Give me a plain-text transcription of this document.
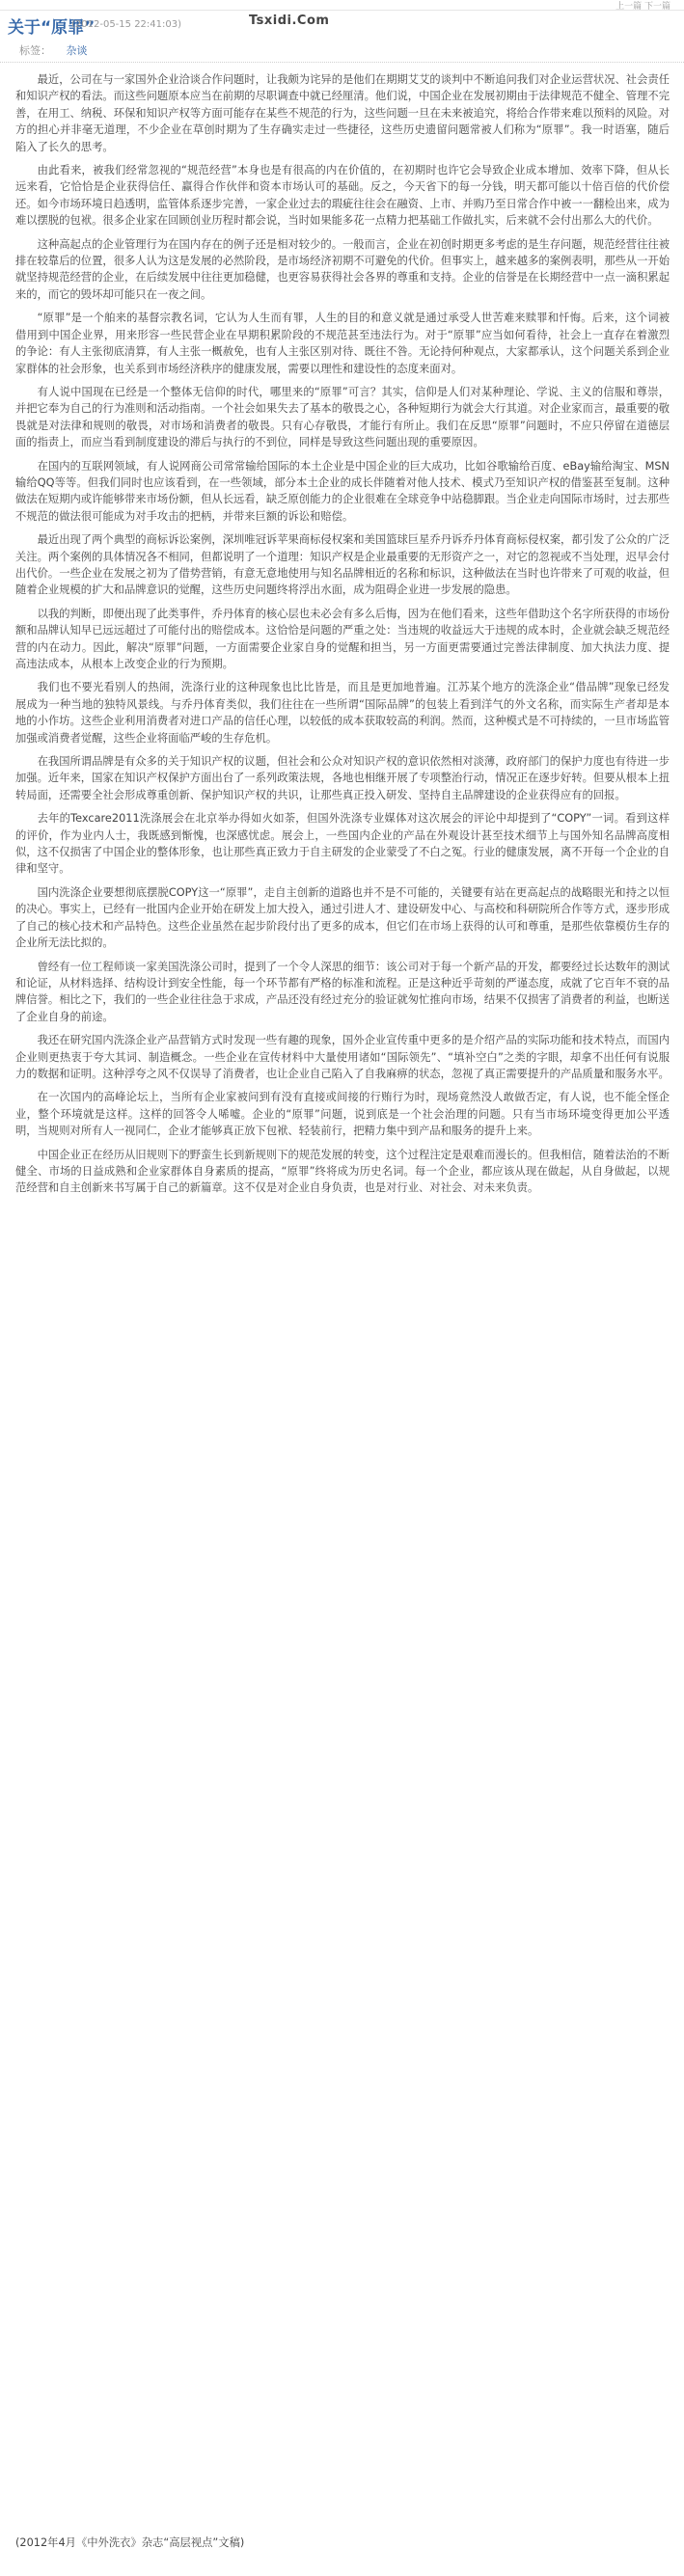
上一篇 下一篇
关于“原罪”
(2012-05-15 22:41:03)	Tsxidi.Com
标签： 杂谈

最近，公司在与一家国外企业洽谈合作问题时，让我颇为诧异的是他们在期期艾艾的谈判中不断追问我们对企业运营状况、社会责任和知识产权的看法。而这些问题原本应当在前期的尽职调查中就已经厘清。他们说，中国企业在发展初期由于法律规范不健全、管理不完善，在用工、纳税、环保和知识产权等方面可能存在某些不规范的行为，这些问题一旦在未来被追究，将给合作带来难以预料的风险。对方的担心并非毫无道理，不少企业在草创时期为了生存确实走过一些捷径，这些历史遗留问题常被人们称为“原罪”。我一时语塞，随后陷入了长久的思考。

由此看来，被我们经常忽视的“规范经营”本身也是有很高的内在价值的，在初期时也许它会导致企业成本增加、效率下降，但从长远来看，它恰恰是企业获得信任、赢得合作伙伴和资本市场认可的基础。反之，今天省下的每一分钱，明天都可能以十倍百倍的代价偿还。如今市场环境日趋透明，监管体系逐步完善，一家企业过去的瑕疵往往会在融资、上市、并购乃至日常合作中被一一翻检出来，成为难以摆脱的包袱。很多企业家在回顾创业历程时都会说，当时如果能多花一点精力把基础工作做扎实，后来就不会付出那么大的代价。

这种高起点的企业管理行为在国内存在的例子还是相对较少的。一般而言，企业在初创时期更多考虑的是生存问题，规范经营往往被排在较靠后的位置，很多人认为这是发展的必然阶段，是市场经济初期不可避免的代价。但事实上，越来越多的案例表明，那些从一开始就坚持规范经营的企业，在后续发展中往往更加稳健，也更容易获得社会各界的尊重和支持。企业的信誉是在长期经营中一点一滴积累起来的，而它的毁坏却可能只在一夜之间。

“原罪”是一个舶来的基督宗教名词，它认为人生而有罪，人生的目的和意义就是通过承受人世苦难来赎罪和忏悔。后来，这个词被借用到中国企业界，用来形容一些民营企业在早期积累阶段的不规范甚至违法行为。对于“原罪”应当如何看待，社会上一直存在着激烈的争论：有人主张彻底清算，有人主张一概赦免，也有人主张区别对待、既往不咎。无论持何种观点，大家都承认，这个问题关系到企业家群体的社会形象，也关系到市场经济秩序的健康发展，需要以理性和建设性的态度来面对。

有人说中国现在已经是一个整体无信仰的时代，哪里来的“原罪”可言？其实，信仰是人们对某种理论、学说、主义的信服和尊崇，并把它奉为自己的行为准则和活动指南。一个社会如果失去了基本的敬畏之心，各种短期行为就会大行其道。对企业家而言，最重要的敬畏就是对法律和规则的敬畏，对市场和消费者的敬畏。只有心存敬畏，才能行有所止。我们在反思“原罪”问题时，不应只停留在道德层面的指责上，而应当看到制度建设的滞后与执行的不到位，同样是导致这些问题出现的重要原因。

在国内的互联网领域，有人说网商公司常常输给国际的本土企业是中国企业的巨大成功，比如谷歌输给百度、eBay输给淘宝、MSN输给QQ等等。但我们同时也应该看到，在一些领域，部分本土企业的成长伴随着对他人技术、模式乃至知识产权的借鉴甚至复制。这种做法在短期内或许能够带来市场份额，但从长远看，缺乏原创能力的企业很难在全球竞争中站稳脚跟。当企业走向国际市场时，过去那些不规范的做法很可能成为对手攻击的把柄，并带来巨额的诉讼和赔偿。

最近出现了两个典型的商标诉讼案例，深圳唯冠诉苹果商标侵权案和美国篮球巨星乔丹诉乔丹体育商标侵权案，都引发了公众的广泛关注。两个案例的具体情况各不相同，但都说明了一个道理：知识产权是企业最重要的无形资产之一，对它的忽视或不当处理，迟早会付出代价。一些企业在发展之初为了借势营销，有意无意地使用与知名品牌相近的名称和标识，这种做法在当时也许带来了可观的收益，但随着企业规模的扩大和品牌意识的觉醒，这些历史问题终将浮出水面，成为阻碍企业进一步发展的隐患。

以我的判断，即便出现了此类事件，乔丹体育的核心层也未必会有多么后悔，因为在他们看来，这些年借助这个名字所获得的市场份额和品牌认知早已远远超过了可能付出的赔偿成本。这恰恰是问题的严重之处：当违规的收益远大于违规的成本时，企业就会缺乏规范经营的内在动力。因此，解决“原罪”问题，一方面需要企业家自身的觉醒和担当，另一方面更需要通过完善法律制度、加大执法力度、提高违法成本，从根本上改变企业的行为预期。

我们也不要光看别人的热闹，洗涤行业的这种现象也比比皆是，而且是更加地普遍。江苏某个地方的洗涤企业“借品牌”现象已经发展成为一种当地的独特风景线。与乔丹体育类似，我们往往在一些所谓“国际品牌”的包装上看到洋气的外文名称，而实际生产者却是本地的小作坊。这些企业利用消费者对进口产品的信任心理，以较低的成本获取较高的利润。然而，这种模式是不可持续的，一旦市场监管加强或消费者觉醒，这些企业将面临严峻的生存危机。

在我国所谓品牌是有众多的关于知识产权的议题，但社会和公众对知识产权的意识依然相对淡薄，政府部门的保护力度也有待进一步加强。近年来，国家在知识产权保护方面出台了一系列政策法规，各地也相继开展了专项整治行动，情况正在逐步好转。但要从根本上扭转局面，还需要全社会形成尊重创新、保护知识产权的共识，让那些真正投入研发、坚持自主品牌建设的企业获得应有的回报。

去年的Texcare2011洗涤展会在北京举办得如火如荼，但国外洗涤专业媒体对这次展会的评论中却提到了“COPY”一词。看到这样的评价，作为业内人士，我既感到惭愧，也深感忧虑。展会上，一些国内企业的产品在外观设计甚至技术细节上与国外知名品牌高度相似，这不仅损害了中国企业的整体形象，也让那些真正致力于自主研发的企业蒙受了不白之冤。行业的健康发展，离不开每一个企业的自律和坚守。

国内洗涤企业要想彻底摆脱COPY这一“原罪”，走自主创新的道路也并不是不可能的，关键要有站在更高起点的战略眼光和持之以恒的决心。事实上，已经有一批国内企业开始在研发上加大投入，通过引进人才、建设研发中心、与高校和科研院所合作等方式，逐步形成了自己的核心技术和产品特色。这些企业虽然在起步阶段付出了更多的成本，但它们在市场上获得的认可和尊重，是那些依靠模仿生存的企业所无法比拟的。

曾经有一位工程师谈一家美国洗涤公司时，提到了一个令人深思的细节：该公司对于每一个新产品的开发，都要经过长达数年的测试和论证，从材料选择、结构设计到安全性能，每一个环节都有严格的标准和流程。正是这种近乎苛刻的严谨态度，成就了它百年不衰的品牌信誉。相比之下，我们的一些企业往往急于求成，产品还没有经过充分的验证就匆忙推向市场，结果不仅损害了消费者的利益，也断送了企业自身的前途。

我还在研究国内洗涤企业产品营销方式时发现一些有趣的现象，国外企业宣传重中更多的是介绍产品的实际功能和技术特点，而国内企业则更热衷于夸大其词、制造概念。一些企业在宣传材料中大量使用诸如“国际领先”、“填补空白”之类的字眼，却拿不出任何有说服力的数据和证明。这种浮夸之风不仅误导了消费者，也让企业自己陷入了自我麻痹的状态，忽视了真正需要提升的产品质量和服务水平。

在一次国内的高峰论坛上，当所有企业家被问到有没有直接或间接的行贿行为时，现场竟然没人敢做否定，有人说，也不能全怪企业，整个环境就是这样。这样的回答令人唏嘘。企业的“原罪”问题，说到底是一个社会治理的问题。只有当市场环境变得更加公平透明，当规则对所有人一视同仁，企业才能够真正放下包袱、轻装前行，把精力集中到产品和服务的提升上来。

中国企业正在经历从旧规则下的野蛮生长到新规则下的规范发展的转变，这个过程注定是艰难而漫长的。但我相信，随着法治的不断健全、市场的日益成熟和企业家群体自身素质的提高，“原罪”终将成为历史名词。每一个企业，都应该从现在做起，从自身做起，以规范经营和自主创新来书写属于自己的新篇章。这不仅是对企业自身负责，也是对行业、对社会、对未来负责。

(2012年4月《中外洗衣》杂志“高层视点”文稿)
